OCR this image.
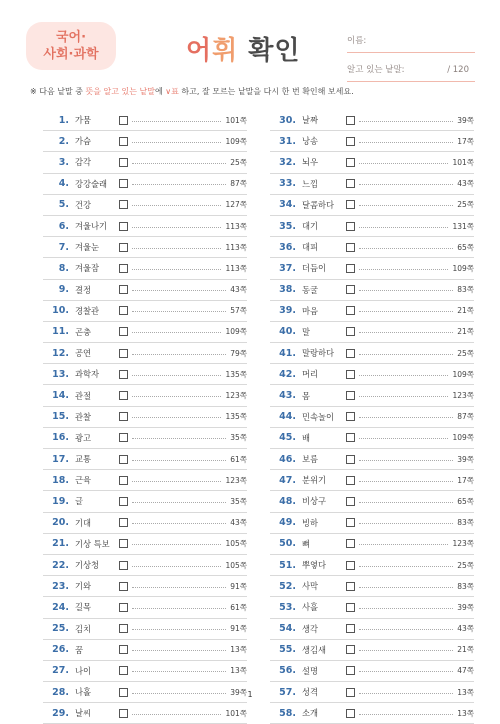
국어·
사회·과학	어휘 확인	이름:
알고 있는 낱말:	/ 120
※ 다음 낱말 중 뜻을 알고 있는 낱말에 ∨표 하고, 잘 모르는 낱말을 다시 한 번 확인해 보세요.
1. 가뭄	101쪽
2. 가슴	109쪽
3. 감각	25쪽
4. 강강술래	87쪽
5. 건강	127쪽
6. 겨울나기	113쪽
7. 겨울눈	113쪽
8. 겨울잠	113쪽
9. 결정	43쪽
10. 경찰관	57쪽
11. 곤충	109쪽
12. 공연	79쪽
13. 과학자	135쪽
14. 관절	123쪽
15. 관찰	135쪽
16. 광고	35쪽
17. 교통	61쪽
18. 근육	123쪽
19. 글	35쪽
20. 기대	43쪽
21. 기상 특보	105쪽
22. 기상청	105쪽
23. 기와	91쪽
24. 길목	61쪽
25. 김치	91쪽
26. 꿈	13쪽
27. 나이	13쪽
28. 나홀	39쪽
29. 날씨	101쪽
30. 날짜	39쪽
31. 낭송	17쪽
32. 뇌우	101쪽
33. 느낌	43쪽
34. 달콤하다	25쪽
35. 대기	131쪽
36. 대피	65쪽
37. 더듬이	109쪽
38. 동굴	83쪽
39. 마음	21쪽
40. 말	21쪽
41. 말랑하다	25쪽
42. 머리	109쪽
43. 몸	123쪽
44. 민속놀이	87쪽
45. 배	109쪽
46. 보름	39쪽
47. 분위기	17쪽
48. 비상구	65쪽
49. 빙하	83쪽
50. 뼈	123쪽
51. 뿌옇다	25쪽
52. 사막	83쪽
53. 사흘	39쪽
54. 생각	43쪽
55. 생김새	21쪽
56. 설명	47쪽
57. 성격	13쪽
58. 소개	13쪽
1
